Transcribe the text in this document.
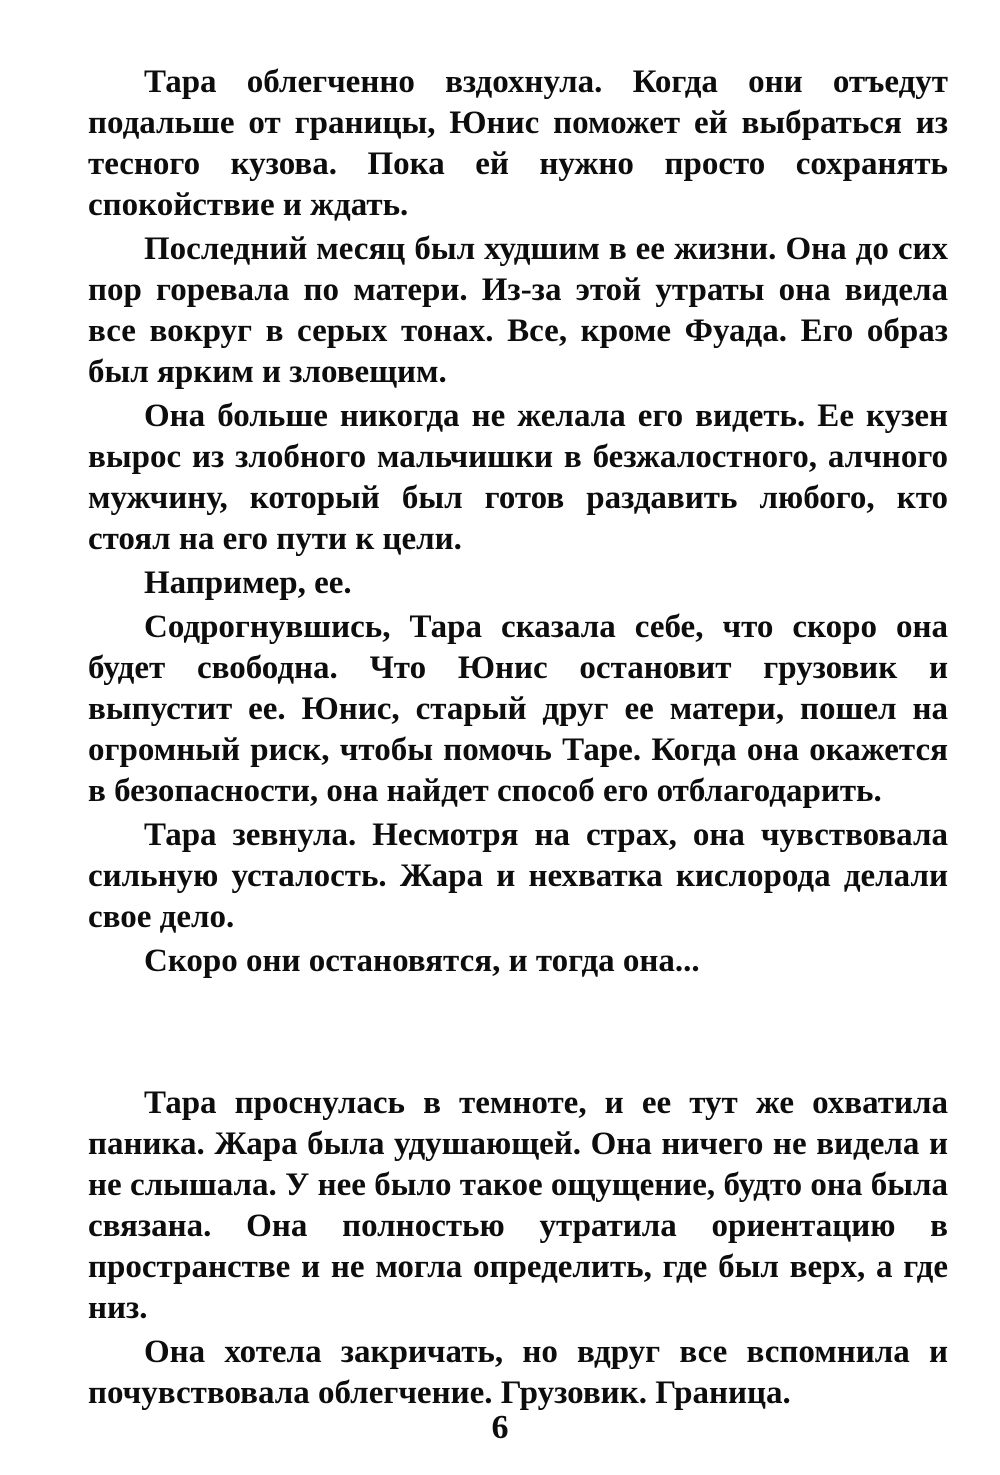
Тара облегченно вздохнула. Когда они отъедут подальше от границы, Юнис поможет ей выбраться из тесного кузова. Пока ей нужно просто сохранять спокойствие и ждать.

Последний месяц был худшим в ее жизни. Она до сих пор горевала по матери. Из-за этой утраты она видела все вокруг в серых тонах. Все, кроме Фуада. Его образ был ярким и зловещим.

Она больше никогда не желала его видеть. Ее кузен вырос из злобного мальчишки в безжалостного, алчного мужчину, который был готов раздавить любого, кто стоял на его пути к цели.

Например, ее.

Содрогнувшись, Тара сказала себе, что скоро она будет свободна. Что Юнис остановит грузовик и выпустит ее. Юнис, старый друг ее матери, пошел на огромный риск, чтобы помочь Таре. Когда она окажется в безопасности, она найдет способ его отблагодарить.

Тара зевнула. Несмотря на страх, она чувствовала сильную усталость. Жара и нехватка кислорода делали свое дело.

Скоро они остановятся, и тогда она...

Тара проснулась в темноте, и ее тут же охватила паника. Жара была удушающей. Она ничего не видела и не слышала. У нее было такое ощущение, будто она была связана. Она полностью утратила ориентацию в пространстве и не могла определить, где был верх, а где низ.

Она хотела закричать, но вдруг все вспомнила и почувствовала облегчение. Грузовик. Граница.

6
